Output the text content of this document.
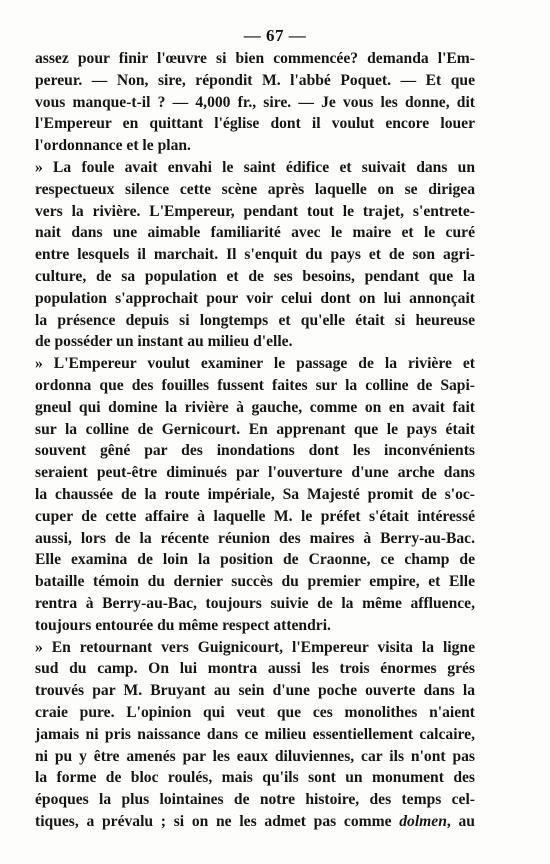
— 67 —
assez pour finir l'œuvre si bien commencée? demanda l'Em-
pereur. — Non, sire, répondit M. l'abbé Poquet. — Et que
vous manque-t-il ? — 4,000 fr., sire. — Je vous les donne, dit
l'Empereur en quittant l'église dont il voulut encore louer
l'ordonnance et le plan.
» La foule avait envahi le saint édifice et suivait dans un
respectueux silence cette scène après laquelle on se dirigea
vers la rivière. L'Empereur, pendant tout le trajet, s'entrete-
nait dans une aimable familiarité avec le maire et le curé
entre lesquels il marchait. Il s'enquit du pays et de son agri-
culture, de sa population et de ses besoins, pendant que la
population s'approchait pour voir celui dont on lui annonçait
la présence depuis si longtemps et qu'elle était si heureuse
de posséder un instant au milieu d'elle.
» L'Empereur voulut examiner le passage de la rivière et
ordonna que des fouilles fussent faites sur la colline de Sapi-
gneul qui domine la rivière à gauche, comme on en avait fait
sur la colline de Gernicourt. En apprenant que le pays était
souvent gêné par des inondations dont les inconvénients
seraient peut-être diminués par l'ouverture d'une arche dans
la chaussée de la route impériale, Sa Majesté promit de s'oc-
cuper de cette affaire à laquelle M. le préfet s'était intéressé
aussi, lors de la récente réunion des maires à Berry-au-Bac.
Elle examina de loin la position de Craonne, ce champ de
bataille témoin du dernier succès du premier empire, et Elle
rentra à Berry-au-Bac, toujours suivie de la même affluence,
toujours entourée du même respect attendri.
» En retournant vers Guignicourt, l'Empereur visita la ligne
sud du camp. On lui montra aussi les trois énormes grés
trouvés par M. Bruyant au sein d'une poche ouverte dans la
craie pure. L'opinion qui veut que ces monolithes n'aient
jamais ni pris naissance dans ce milieu essentiellement calcaire,
ni pu y être amenés par les eaux diluviennes, car ils n'ont pas
la forme de bloc roulés, mais qu'ils sont un monument des
époques la plus lointaines de notre histoire, des temps cel-
tiques, a prévalu ; si on ne les admet pas comme dolmen, au
